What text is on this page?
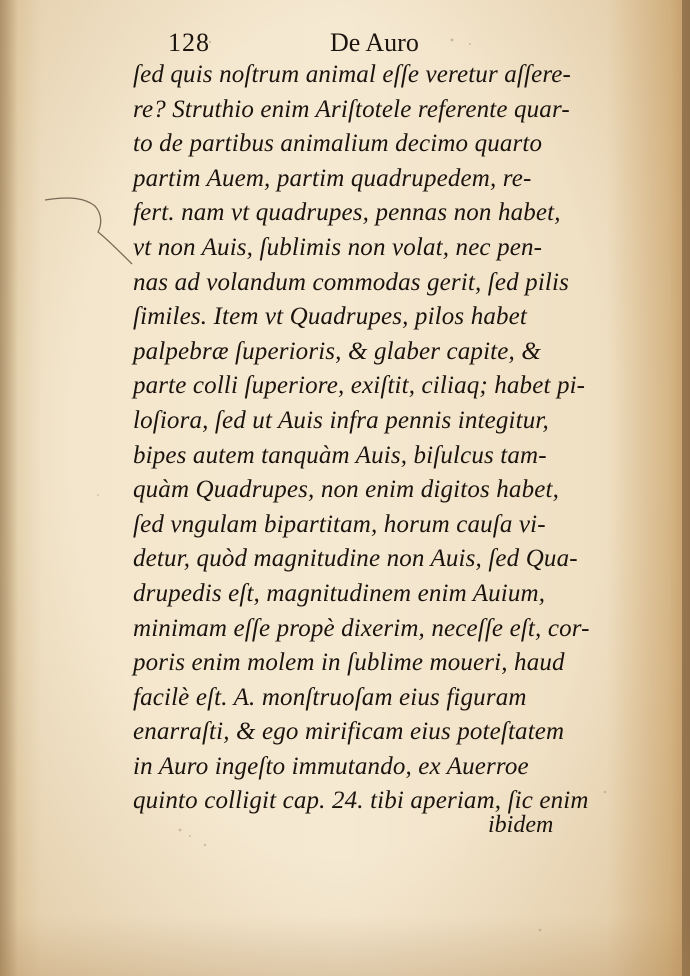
128	De Auro
ſed quis noſtrum animal eſſe veretur aſſere-
re? Struthio enim Ariſtotele referente quar-
to de partibus animalium decimo quarto
partim Auem, partim quadrupedem, re-
fert. nam vt quadrupes, pennas non habet,
vt non Auis, ſublimis non volat, nec pen-
nas ad volandum commodas gerit, ſed pilis
ſimiles. Item vt Quadrupes, pilos habet
palpebræ ſuperioris, & glaber capite, &
parte colli ſuperiore, exiſtit, ciliaq; habet pi-
loſiora, ſed ut Auis infra pennis integitur,
bipes autem tanquàm Auis, biſulcus tam-
quàm Quadrupes, non enim digitos habet,
ſed vngulam bipartitam, horum cauſa vi-
detur, quòd magnitudine non Auis, ſed Qua-
drupedis eſt, magnitudinem enim Auium,
minimam eſſe propè dixerim, neceſſe eſt, cor-
poris enim molem in ſublime moueri, haud
facilè eſt. A. monſtruoſam eius figuram
enarraſti, & ego mirificam eius poteſtatem
in Auro ingeſto immutando, ex Auerroe
quinto colligit cap. 24. tibi aperiam, ſic enim
ibidem
